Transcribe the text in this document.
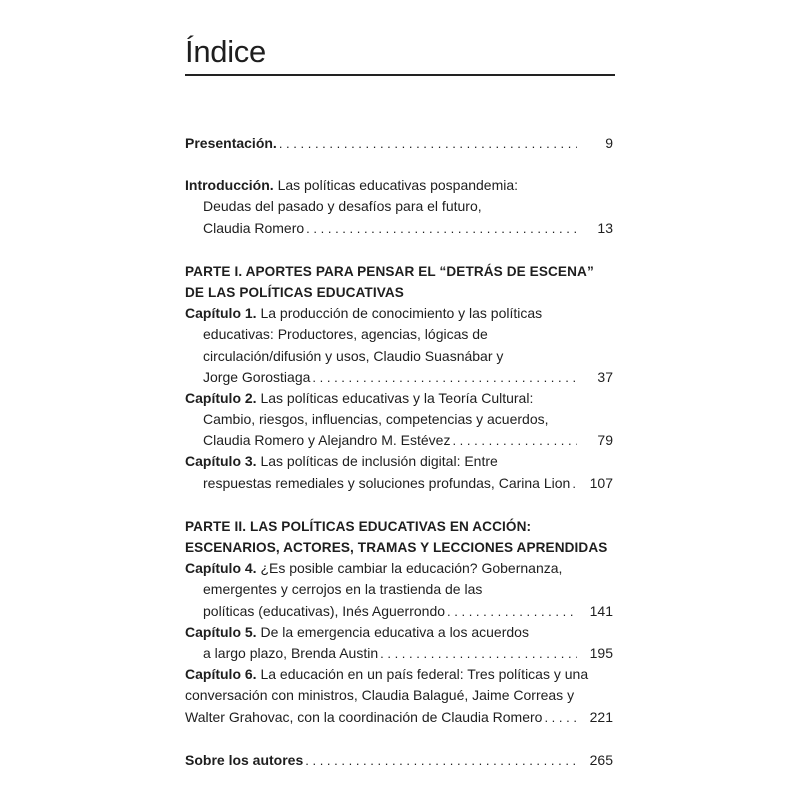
Índice
Presentación. . . .	9
Introducción.
Las políticas educativas pospandemia:
Deudas del pasado y desafíos para el futuro,
Claudia Romero . . .	13
PARTE I. APORTES PARA PENSAR EL “DETRÁS DE ESCENA”
DE LAS POLÍTICAS EDUCATIVAS
Capítulo 1.
La producción de conocimiento y las políticas
educativas: Productores, agencias, lógicas de
circulación/difusión y usos, Claudio Suasnábar y
Jorge Gorostiaga . . .	37
Capítulo 2.
Las políticas educativas y la Teoría Cultural:
Cambio, riesgos, influencias, competencias y acuerdos,
Claudia Romero y Alejandro M. Estévez . . .	79
Capítulo 3.
Las políticas de inclusión digital: Entre
respuestas remediales y soluciones profundas, Carina Lion . . .	107
PARTE II. LAS POLÍTICAS EDUCATIVAS EN ACCIÓN:
ESCENARIOS, ACTORES, TRAMAS Y LECCIONES APRENDIDAS
Capítulo 4.
¿Es posible cambiar la educación? Gobernanza,
emergentes y cerrojos en la trastienda de las
políticas (educativas), Inés Aguerrondo . . .	141
Capítulo 5.
De la emergencia educativa a los acuerdos
a largo plazo, Brenda Austin . . .	195
Capítulo 6.
La educación en un país federal: Tres políticas y una
conversación con ministros, Claudia Balagué, Jaime Correas y
Walter Grahovac, con la coordinación de Claudia Romero . . .	221
Sobre los autores . . .	265
